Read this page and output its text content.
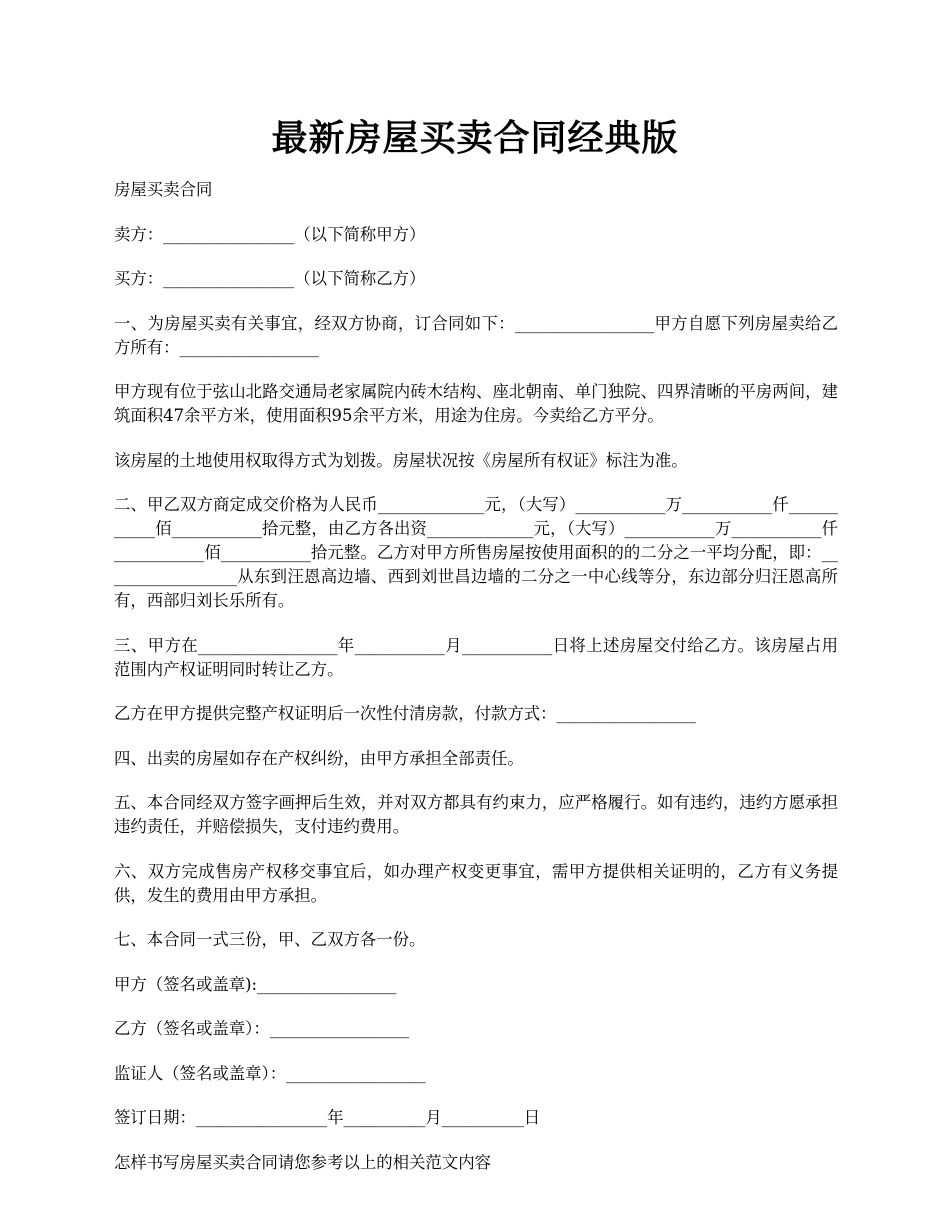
最新房屋买卖合同经典版

房屋买卖合同

卖方：________________（以下简称甲方）

买方：________________（以下简称乙方）

一、为房屋买卖有关事宜，经双方协商，订合同如下：_________________甲方自愿下列房屋卖给乙方所有：_________________

甲方现有位于弦山北路交通局老家属院内砖木结构、座北朝南、单门独院、四界清晰的平房两间，建筑面积47余平方米，使用面积95余平方米，用途为住房。今卖给乙方平分。

该房屋的土地使用权取得方式为划拨。房屋状况按《房屋所有权证》标注为准。

二、甲乙双方商定成交价格为人民币_____________元，（大写）___________万___________仟___________佰___________拾元整，由乙方各出资_____________元，（大写）___________万___________仟___________佰___________拾元整。乙方对甲方所售房屋按使用面积的的二分之一平均分配，即：_________________从东到汪恩高边墙、西到刘世昌边墙的二分之一中心线等分，东边部分归汪恩高所有，西部归刘长乐所有。

三、甲方在_________________年___________月___________日将上述房屋交付给乙方。该房屋占用范围内产权证明同时转让乙方。

乙方在甲方提供完整产权证明后一次性付清房款，付款方式：_________________

四、出卖的房屋如存在产权纠纷，由甲方承担全部责任。

五、本合同经双方签字画押后生效，并对双方都具有约束力，应严格履行。如有违约，违约方愿承担违约责任，并赔偿损失，支付违约费用。

六、双方完成售房产权移交事宜后，如办理产权变更事宜，需甲方提供相关证明的，乙方有义务提供，发生的费用由甲方承担。

七、本合同一式三份，甲、乙双方各一份。

甲方（签名或盖章):_________________

乙方（签名或盖章）：_________________

监证人（签名或盖章）：_________________

签订日期：________________年__________月__________日

怎样书写房屋买卖合同请您参考以上的相关范文内容
